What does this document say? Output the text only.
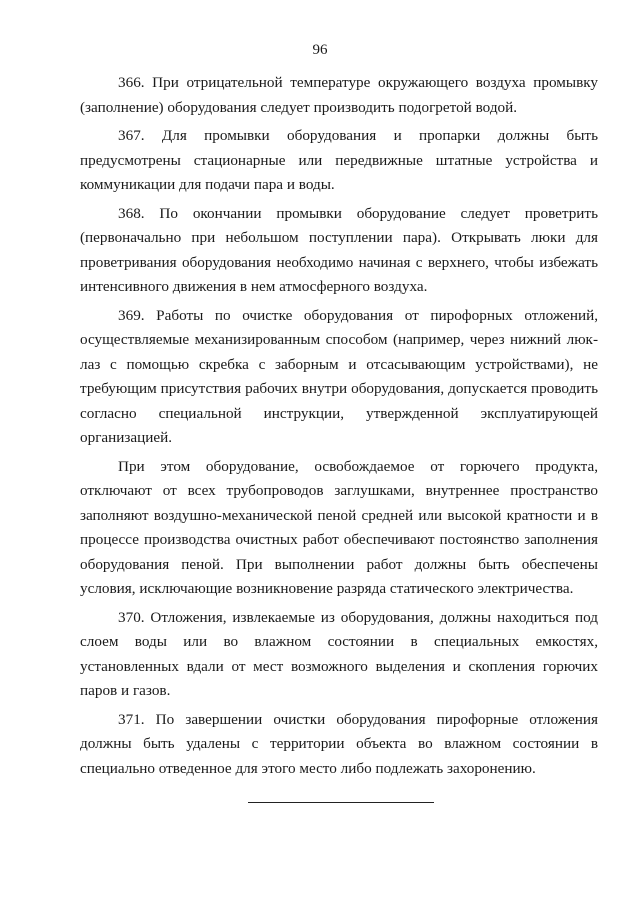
96

366. При отрицательной температуре окружающего воздуха промывку (заполнение) оборудования следует производить подогретой водой.

367. Для промывки оборудования и пропарки должны быть предусмотрены стационарные или передвижные штатные устройства и коммуникации для подачи пара и воды.

368. По окончании промывки оборудование следует проветрить (первоначально при небольшом поступлении пара). Открывать люки для проветривания оборудования необходимо начиная с верхнего, чтобы избежать интенсивного движения в нем атмосферного воздуха.

369. Работы по очистке оборудования от пирофорных отложений, осуществляемые механизированным способом (например, через нижний люк-лаз с помощью скребка с заборным и отсасывающим устройствами), не требующим присутствия рабочих внутри оборудования, допускается проводить согласно специальной инструкции, утвержденной эксплуатирующей организацией.

При этом оборудование, освобождаемое от горючего продукта, отключают от всех трубопроводов заглушками, внутреннее пространство заполняют воздушно-механической пеной средней или высокой кратности и в процессе производства очистных работ обеспечивают постоянство заполнения оборудования пеной. При выполнении работ должны быть обеспечены условия, исключающие возникновение разряда статического электричества.

370. Отложения, извлекаемые из оборудования, должны находиться под слоем воды или во влажном состоянии в специальных емкостях, установленных вдали от мест возможного выделения и скопления горючих паров и газов.

371. По завершении очистки оборудования пирофорные отложения должны быть удалены с территории объекта во влажном состоянии в специально отведенное для этого место либо подлежать захоронению.
